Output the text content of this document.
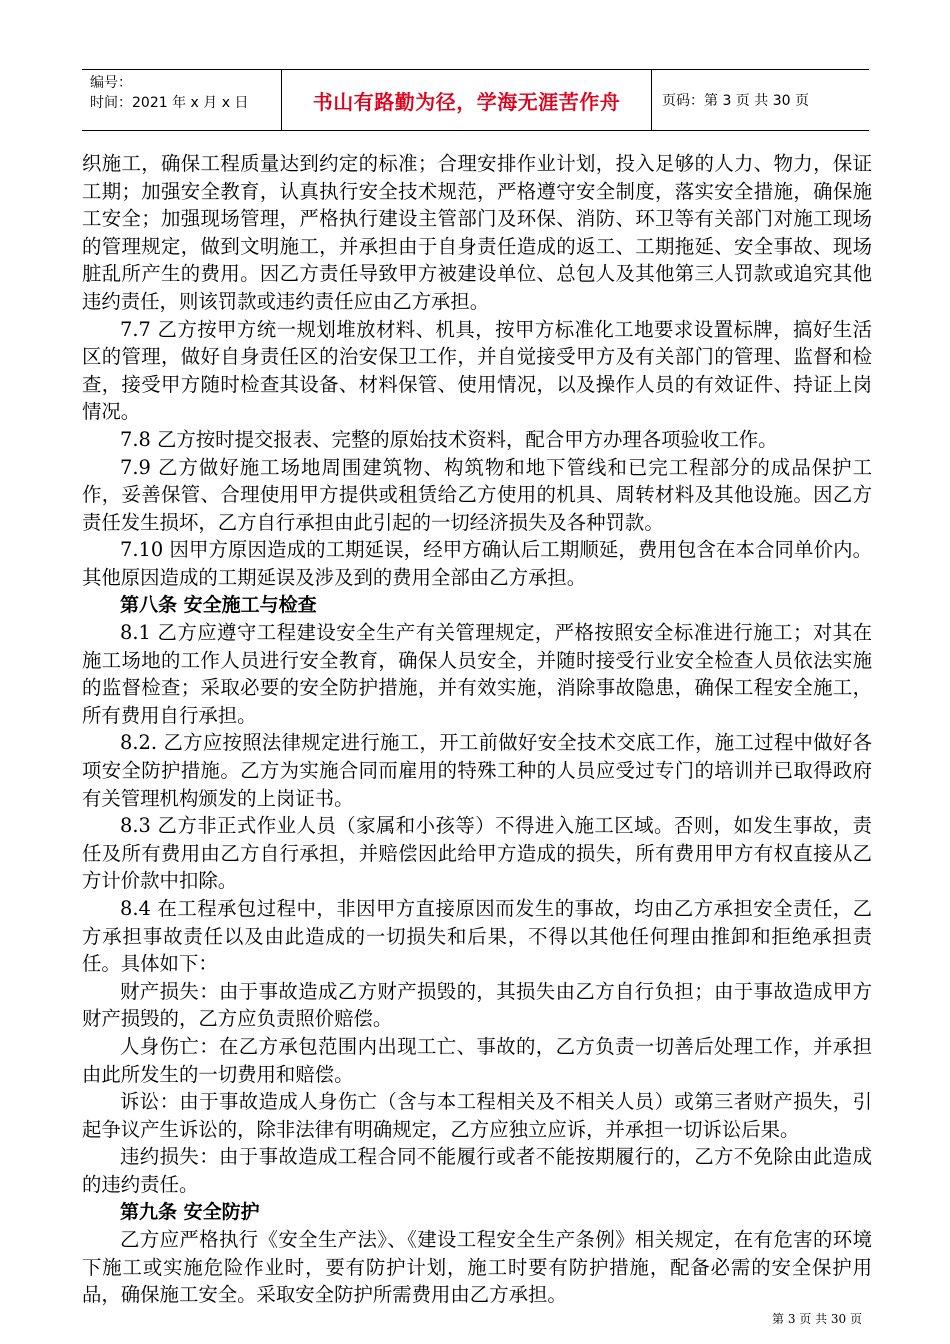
编号：
时间：2021 年 x 月 x 日	书山有路勤为径，学海无涯苦作舟	页码：第 3 页 共 30 页

织施工，确保工程质量达到约定的标准；合理安排作业计划，投入足够的人力、物力，保证工期；加强安全教育，认真执行安全技术规范，严格遵守安全制度，落实安全措施，确保施工安全；加强现场管理，严格执行建设主管部门及环保、消防、环卫等有关部门对施工现场的管理规定，做到文明施工，并承担由于自身责任造成的返工、工期拖延、安全事故、现场脏乱所产生的费用。因乙方责任导致甲方被建设单位、总包人及其他第三人罚款或追究其他违约责任，则该罚款或违约责任应由乙方承担。

7.7 乙方按甲方统一规划堆放材料、机具，按甲方标准化工地要求设置标牌，搞好生活区的管理，做好自身责任区的治安保卫工作，并自觉接受甲方及有关部门的管理、监督和检查，接受甲方随时检查其设备、材料保管、使用情况，以及操作人员的有效证件、持证上岗情况。

7.8 乙方按时提交报表、完整的原始技术资料，配合甲方办理各项验收工作。

7.9 乙方做好施工场地周围建筑物、构筑物和地下管线和已完工程部分的成品保护工作，妥善保管、合理使用甲方提供或租赁给乙方使用的机具、周转材料及其他设施。因乙方责任发生损坏，乙方自行承担由此引起的一切经济损失及各种罚款。

7.10 因甲方原因造成的工期延误，经甲方确认后工期顺延，费用包含在本合同单价内。其他原因造成的工期延误及涉及到的费用全部由乙方承担。

第八条 安全施工与检查

8.1 乙方应遵守工程建设安全生产有关管理规定，严格按照安全标准进行施工；对其在施工场地的工作人员进行安全教育，确保人员安全，并随时接受行业安全检查人员依法实施的监督检查；采取必要的安全防护措施，并有效实施，消除事故隐患，确保工程安全施工，所有费用自行承担。

8.2. 乙方应按照法律规定进行施工，开工前做好安全技术交底工作，施工过程中做好各项安全防护措施。乙方为实施合同而雇用的特殊工种的人员应受过专门的培训并已取得政府有关管理机构颁发的上岗证书。

8.3 乙方非正式作业人员（家属和小孩等）不得进入施工区域。否则，如发生事故，责任及所有费用由乙方自行承担，并赔偿因此给甲方造成的损失，所有费用甲方有权直接从乙方计价款中扣除。

8.4 在工程承包过程中，非因甲方直接原因而发生的事故，均由乙方承担安全责任，乙方承担事故责任以及由此造成的一切损失和后果，不得以其他任何理由推卸和拒绝承担责任。具体如下：

财产损失：由于事故造成乙方财产损毁的，其损失由乙方自行负担；由于事故造成甲方财产损毁的，乙方应负责照价赔偿。

人身伤亡：在乙方承包范围内出现工亡、事故的，乙方负责一切善后处理工作，并承担由此所发生的一切费用和赔偿。

诉讼：由于事故造成人身伤亡（含与本工程相关及不相关人员）或第三者财产损失，引起争议产生诉讼的，除非法律有明确规定，乙方应独立应诉，并承担一切诉讼后果。

违约损失：由于事故造成工程合同不能履行或者不能按期履行的，乙方不免除由此造成的违约责任。

第九条 安全防护

乙方应严格执行《安全生产法》、《建设工程安全生产条例》相关规定，在有危害的环境下施工或实施危险作业时，要有防护计划，施工时要有防护措施，配备必需的安全保护用品，确保施工安全。采取安全防护所需费用由乙方承担。

第 3 页 共 30 页
